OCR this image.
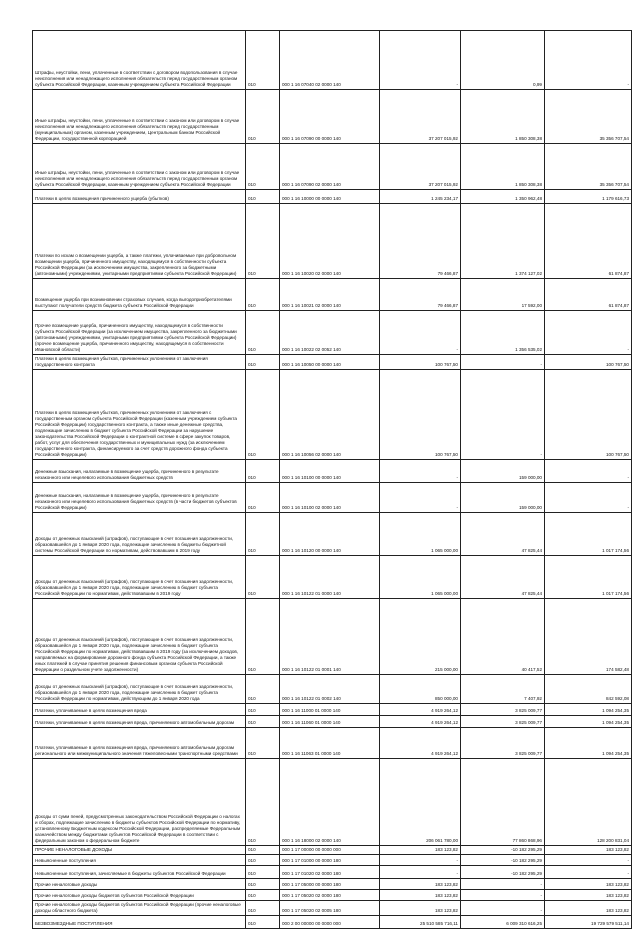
Штрафы, неустойки, пени, уплаченные в соответствии с договором водопользования в случае неисполнения или ненадлежащего исполнения обязательств перед государственным органом субъекта Российской Федерации, казенным учреждением субъекта Российской Федерации	010	000 1 16 07040 02 0000 140	-	0,99	-
Иные штрафы, неустойки, пени, уплаченные в соответствии с законом или договором в случае неисполнения или ненадлежащего исполнения обязательств перед государственным (муниципальным) органом, казенным учреждением, Центральным банком Российской Федерации, государственной корпорацией	010	000 1 16 07090 00 0000 140	37 207 015,92	1 850 308,38	35 356 707,54
Иные штрафы, неустойки, пени, уплаченные в соответствии с законом или договором в случае неисполнения или ненадлежащего исполнения обязательств перед государственным органом субъекта Российской Федерации, казенным учреждением субъекта Российской Федерации	010	000 1 16 07090 02 0000 140	37 207 015,92	1 850 308,38	35 356 707,54
Платежи в целях возмещения причиненного ущерба (убытков)	010	000 1 16 10000 00 0000 140	1 245 234,17	1 350 962,48	1 179 616,73
Платежи по искам о возмещении ущерба, а также платежи, уплачиваемые при добровольном возмещении ущерба, причиненного имуществу, находящемуся в собственности субъекта Российской Федерации (за исключением имущества, закрепленного за бюджетными (автономными) учреждениями, унитарными предприятиями субъекта Российской Федерации)	010	000 1 16 10020 02 0000 140	79 466,87	1 374 127,02	61 874,87
Возмещение ущерба при возникновении страховых случаев, когда выгодоприобретателями выступают получатели средств бюджета субъекта Российской Федерации	010	000 1 16 10021 02 0000 140	79 466,87	17 592,00	61 874,87
Прочее возмещение ущерба, причиненного имуществу, находящемуся в собственности субъекта Российской Федерации (за исключением имущества, закрепленного за бюджетными (автономными) учреждениями, унитарными предприятиями субъекта Российской Федерации) (прочее возмещение ущерба, причиненного имуществу, находящемуся в собственности Ивановской области)	010	000 1 16 10022 02 0052 140	-	1 356 535,02	-
Платежи в целях возмещения убытков, причиненных уклонением от заключения государственного контракта	010	000 1 16 10050 00 0000 140	100 767,50	-	100 767,50
Платежи в целях возмещения убытков, причиненных уклонением от заключения с государственным органом субъекта Российской Федерации (казенным учреждением субъекта Российской Федерации) государственного контракта, а также иные денежные средства, подлежащие зачислению в бюджет субъекта Российской Федерации за нарушение законодательства Российской Федерации о контрактной системе в сфере закупок товаров, работ, услуг для обеспечения государственных и муниципальных нужд (за исключением государственного контракта, финансируемого за счет средств дорожного фонда субъекта Российской Федерации)	010	000 1 16 10056 02 0000 140	100 767,50	-	100 767,50
Денежные взыскания, налагаемые в возмещение ущерба, причиненного в результате незаконного или нецелевого использования бюджетных средств	010	000 1 16 10100 00 0000 140	-	159 000,00	-
Денежные взыскания, налагаемые в возмещение ущерба, причиненного в результате незаконного или нецелевого использования бюджетных средств (в части бюджетов субъектов Российской Федерации)	010	000 1 16 10100 02 0000 140	-	159 000,00	-
Доходы от денежных взысканий (штрафов), поступающие в счет погашения задолженности, образовавшейся до 1 января 2020 года, подлежащие зачислению в бюджеты бюджетной системы Российской Федерации по нормативам, действовавшим в 2019 году	010	000 1 16 10120 00 0000 140	1 065 000,00	47 825,44	1 017 174,56
Доходы от денежных взысканий (штрафов), поступающие в счет погашения задолженности, образовавшейся до 1 января 2020 года, подлежащие зачислению в бюджет субъекта Российской Федерации по нормативам, действовавшим в 2019 году	010	000 1 16 10122 01 0000 140	1 065 000,00	47 825,44	1 017 174,56
Доходы от денежных взысканий (штрафов), поступающие в счет погашения задолженности, образовавшейся до 1 января 2020 года, подлежащие зачислению в бюджет субъекта Российской Федерации по нормативам, действовавшим в 2019 году (за исключением доходов, направляемых на формирование дорожного фонда субъекта Российской Федерации, а также иных платежей в случае принятия решения финансовым органом субъекта Российской Федерации о раздельном учете задолженности)	010	000 1 16 10122 01 0001 140	215 000,00	40 417,52	174 582,48
Доходы от денежных взысканий (штрафов), поступающие в счет погашения задолженности, образовавшейся до 1 января 2020 года, подлежащие зачислению в бюджет субъекта Российской Федерации по нормативам, действующим до 1 января 2020 года	010	000 1 16 10122 01 0002 140	850 000,00	7 407,92	842 592,08
Платежи, уплачиваемые в целях возмещения вреда	010	000 1 16 11000 01 0000 140	4 919 264,12	3 825 009,77	1 094 254,35
Платежи, уплачиваемые в целях возмещения вреда, причиняемого автомобильным дорогам	010	000 1 16 11060 01 0000 140	4 919 264,12	3 825 009,77	1 094 254,35
Платежи, уплачиваемые в целях возмещения вреда, причиняемого автомобильным дорогам регионального или межмуниципального значения тяжеловесными транспортными средствами	010	000 1 16 11063 01 0000 140	4 919 264,12	3 825 009,77	1 094 254,35
Доходы от сумм пеней, предусмотренных законодательством Российской Федерации о налогах и сборах, подлежащие зачислению в бюджеты субъектов Российской Федерации по нормативу, установленному Бюджетным кодексом Российской Федерации, распределяемые Федеральным казначейством между бюджетами субъектов Российской Федерации в соответствии с федеральным законом о федеральном бюджете	010	000 1 16 18000 02 0000 140	206 061 780,00	77 860 868,96	128 200 831,04
ПРОЧИЕ НЕНАЛОГОВЫЕ ДОХОДЫ	010	000 1 17 00000 00 0000 000	183 123,82	-10 182 295,29	183 123,82
Невыясненные поступления	010	000 1 17 01000 00 0000 180	-	-10 182 295,29	-
Невыясненные поступления, зачисляемые в бюджеты субъектов Российской Федерации	010	000 1 17 01020 02 0000 180	-	-10 182 295,29	-
Прочие неналоговые доходы	010	000 1 17 05000 00 0000 180	183 123,82	-	183 123,82
Прочие неналоговые доходы бюджетов субъектов Российской Федерации	010	000 1 17 05020 02 0000 180	183 123,82	-	183 123,82
Прочие неналоговые доходы бюджетов субъектов Российской Федерации (прочие неналоговые доходы областного бюджета)	010	000 1 17 05020 02 0005 180	183 123,82	-	183 123,82
БЕЗВОЗМЕЗДНЫЕ ПОСТУПЛЕНИЯ	010	000 2 00 00000 00 0000 000	25 510 585 716,11	6 009 310 616,25	19 729 579 511,14
